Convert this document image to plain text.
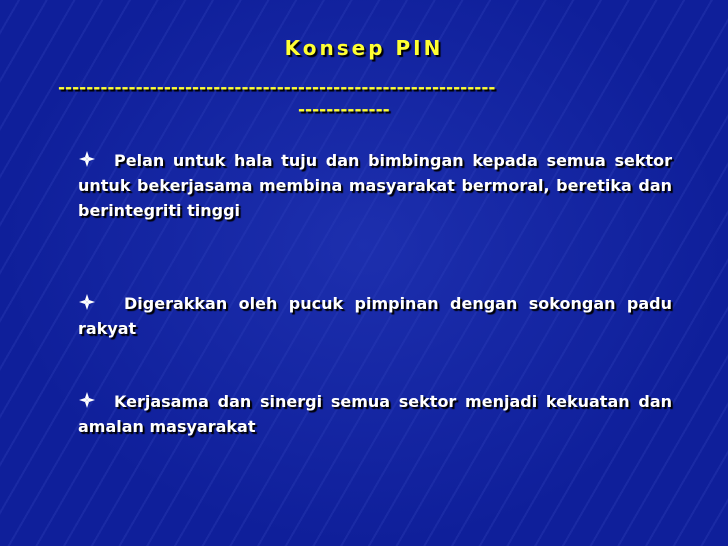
Konsep PIN
--------------------------------------------------------------
-------------
Pelan untuk hala tuju dan bimbingan kepada semua sektor untuk bekerjasama membina masyarakat bermoral, beretika dan berintegriti tinggi
Digerakkan oleh pucuk pimpinan dengan sokongan padu rakyat
Kerjasama dan sinergi semua sektor menjadi kekuatan dan amalan masyarakat
